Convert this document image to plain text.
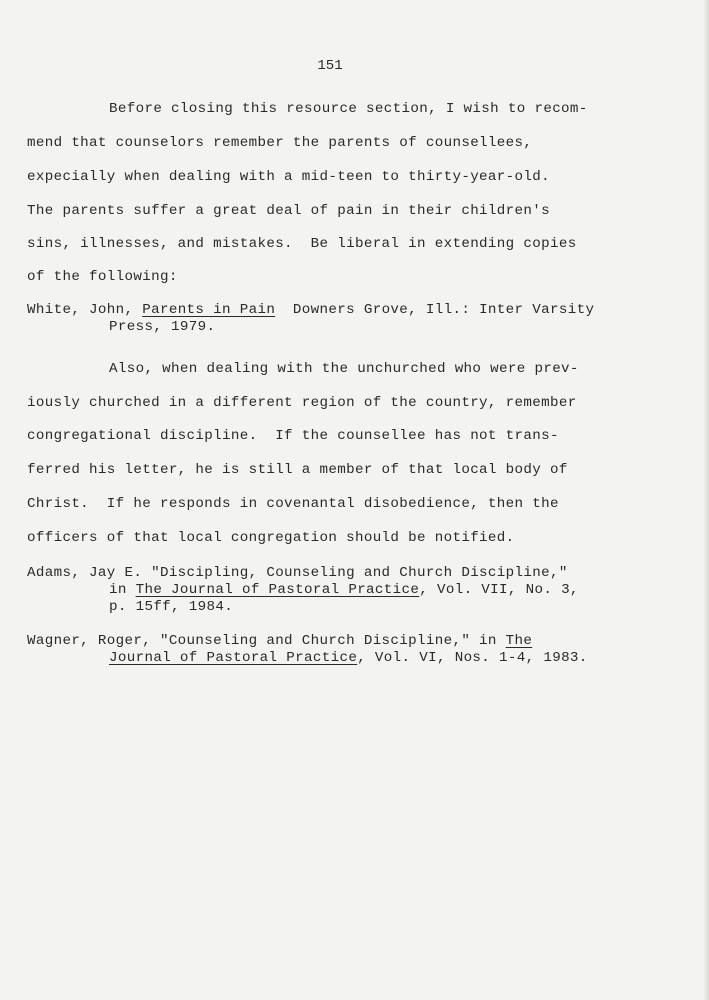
151
Before closing this resource section, I wish to recom-
mend that counselors remember the parents of counsellees,
expecially when dealing with a mid-teen to thirty-year-old.
The parents suffer a great deal of pain in their children's
sins, illnesses, and mistakes.  Be liberal in extending copies
of the following:
White, John, Parents in Pain  Downers Grove, Ill.: Inter Varsity
Press, 1979.
Also, when dealing with the unchurched who were prev-
iously churched in a different region of the country, remember
congregational discipline.  If the counsellee has not trans-
ferred his letter, he is still a member of that local body of
Christ.  If he responds in covenantal disobedience, then the
officers of that local congregation should be notified.
Adams, Jay E. "Discipling, Counseling and Church Discipline,"
in The Journal of Pastoral Practice, Vol. VII, No. 3,
p. 15ff, 1984.
Wagner, Roger, "Counseling and Church Discipline," in The
Journal of Pastoral Practice, Vol. VI, Nos. 1-4, 1983.
